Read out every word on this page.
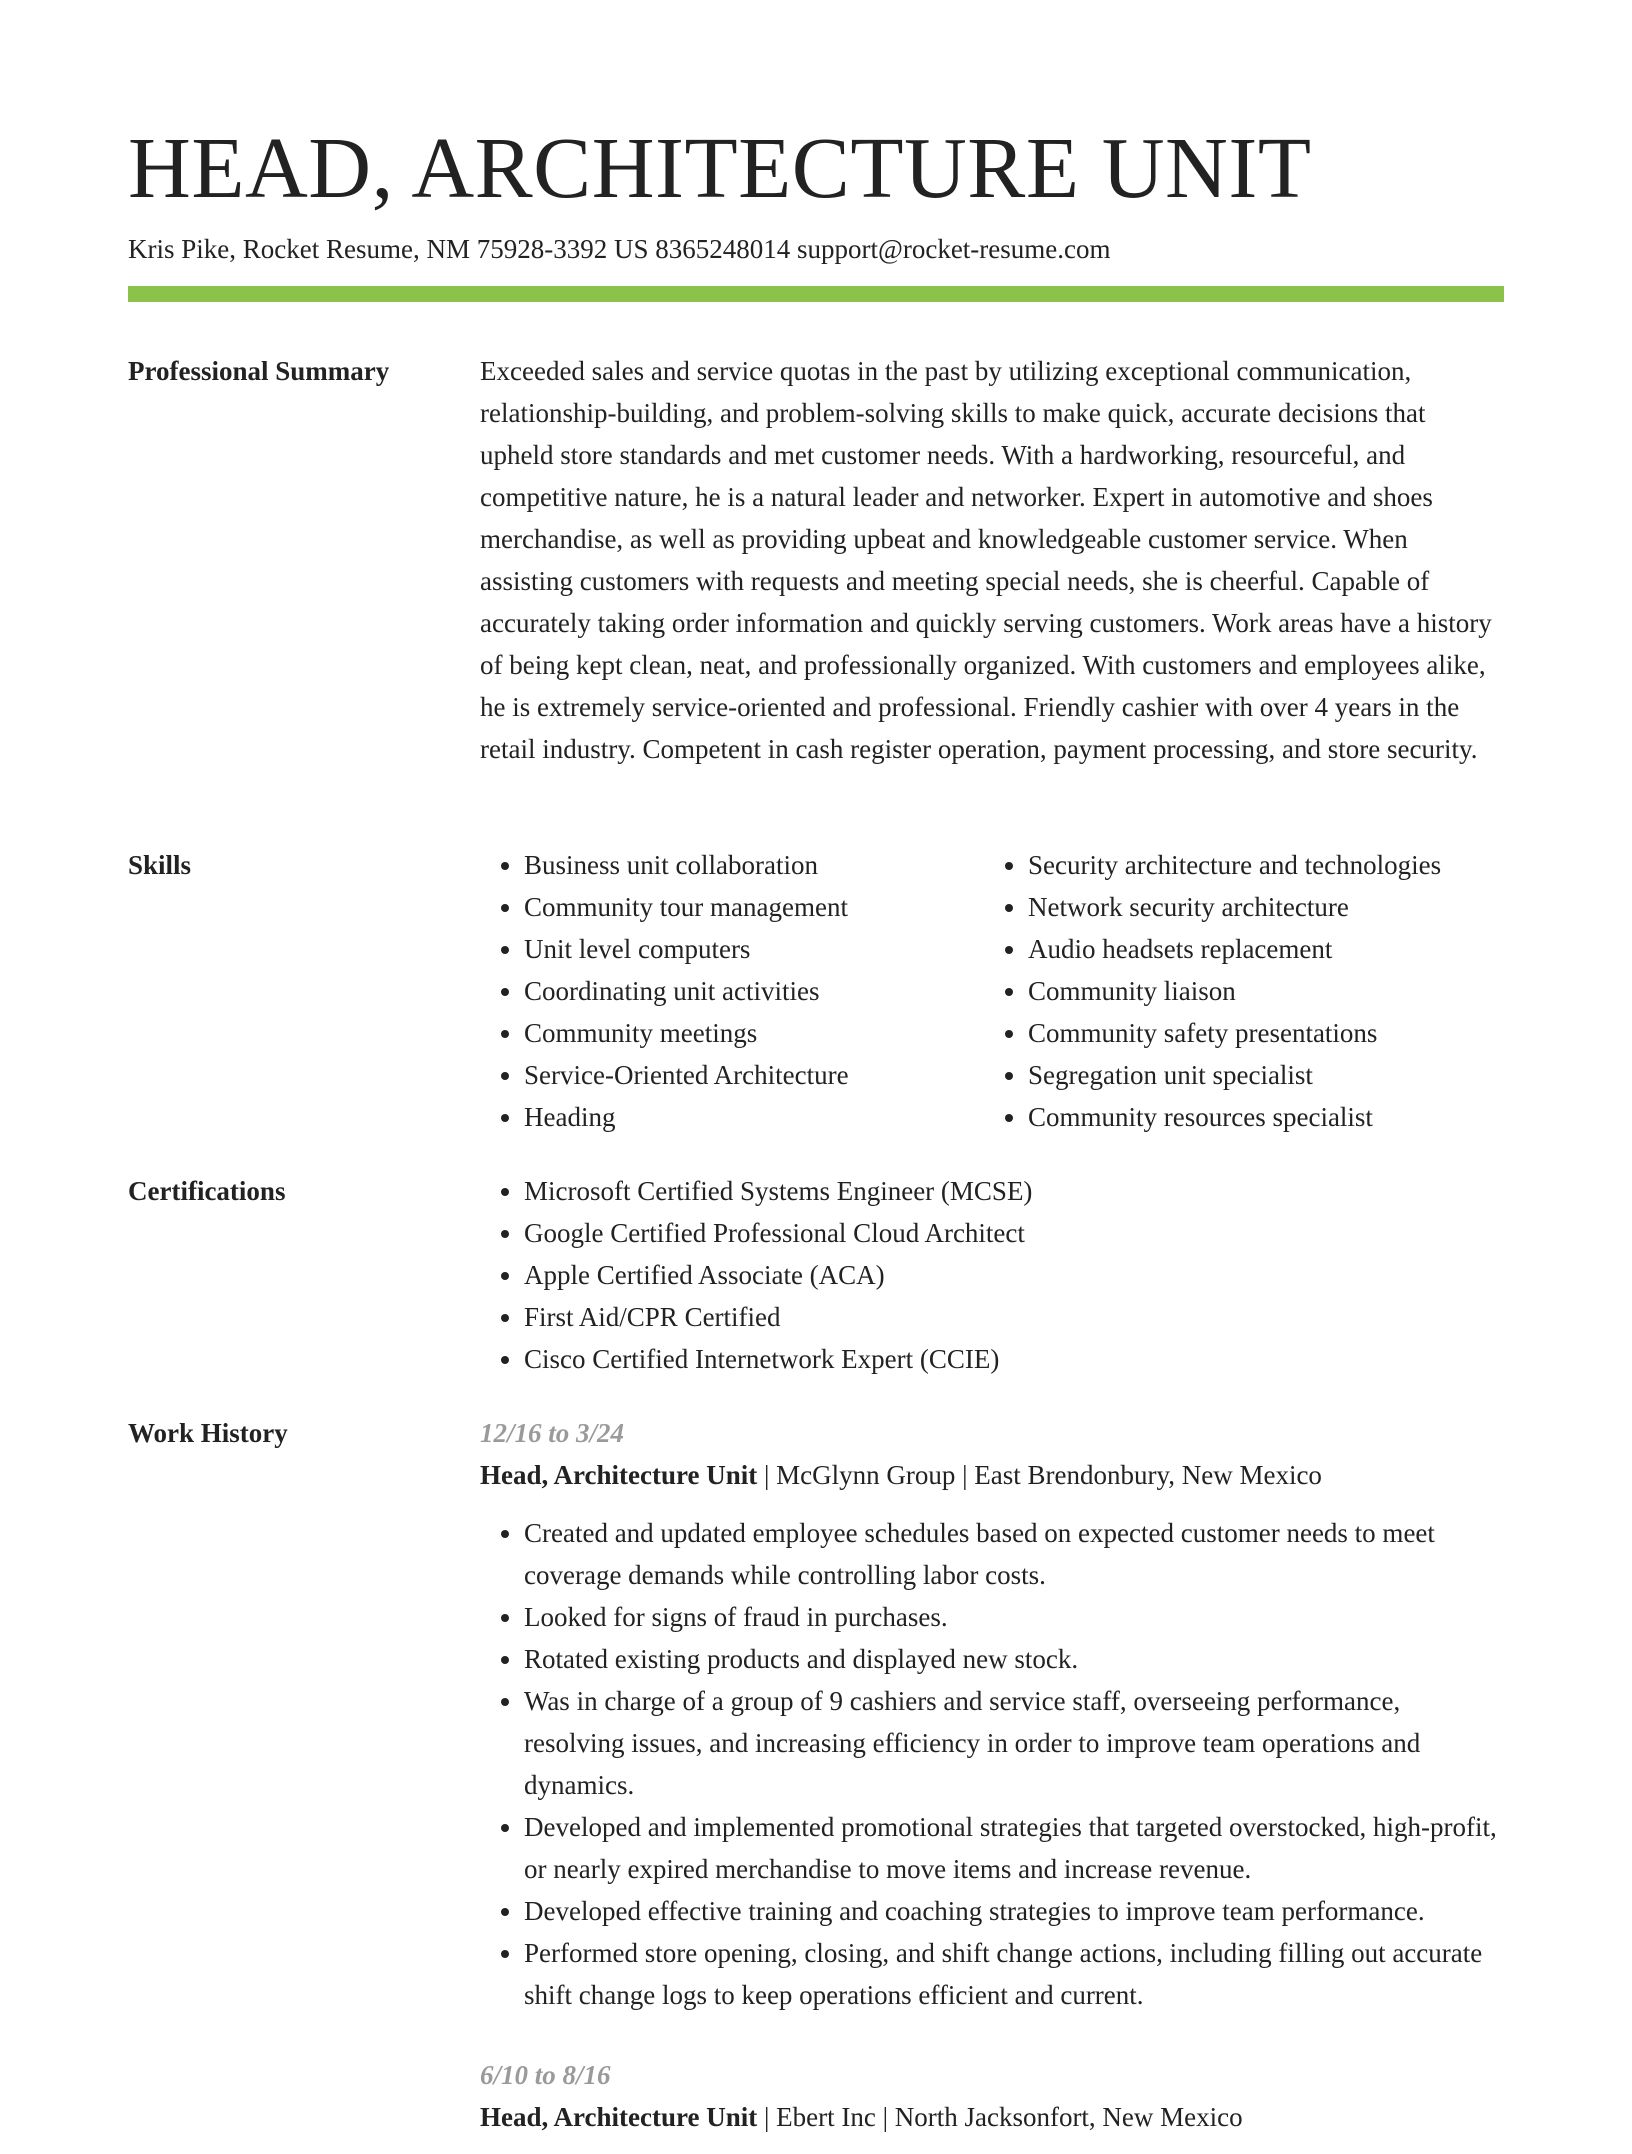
HEAD, ARCHITECTURE UNIT
Kris Pike, Rocket Resume, NM 75928-3392 US 8365248014 support@rocket-resume.com
Professional Summary	Exceeded sales and service quotas in the past by utilizing exceptional communication, relationship-building, and problem-solving skills to make quick, accurate decisions that upheld store standards and met customer needs. With a hardworking, resourceful, and competitive nature, he is a natural leader and networker. Expert in automotive and shoes merchandise, as well as providing upbeat and knowledgeable customer service. When assisting customers with requests and meeting special needs, she is cheerful. Capable of accurately taking order information and quickly serving customers. Work areas have a history of being kept clean, neat, and professionally organized. With customers and employees alike, he is extremely service-oriented and professional. Friendly cashier with over 4 years in the retail industry. Competent in cash register operation, payment processing, and store security.

Skills	• Business unit collaboration
• Community tour management
• Unit level computers
• Coordinating unit activities
• Community meetings
• Service-Oriented Architecture
• Heading
• Security architecture and technologies
• Network security architecture
• Audio headsets replacement
• Community liaison
• Community safety presentations
• Segregation unit specialist
• Community resources specialist
Certifications	• Microsoft Certified Systems Engineer (MCSE)
• Google Certified Professional Cloud Architect
• Apple Certified Associate (ACA)
• First Aid/CPR Certified
• Cisco Certified Internetwork Expert (CCIE)
Work History	12/16 to 3/24
Head, Architecture Unit | McGlynn Group | East Brendonbury, New Mexico
• Created and updated employee schedules based on expected customer needs to meet coverage demands while controlling labor costs.
• Looked for signs of fraud in purchases.
• Rotated existing products and displayed new stock.
• Was in charge of a group of 9 cashiers and service staff, overseeing performance, resolving issues, and increasing efficiency in order to improve team operations and dynamics.
• Developed and implemented promotional strategies that targeted overstocked, high-profit, or nearly expired merchandise to move items and increase revenue.
• Developed effective training and coaching strategies to improve team performance.
• Performed store opening, closing, and shift change actions, including filling out accurate shift change logs to keep operations efficient and current.
6/10 to 8/16
Head, Architecture Unit | Ebert Inc | North Jacksonfort, New Mexico
